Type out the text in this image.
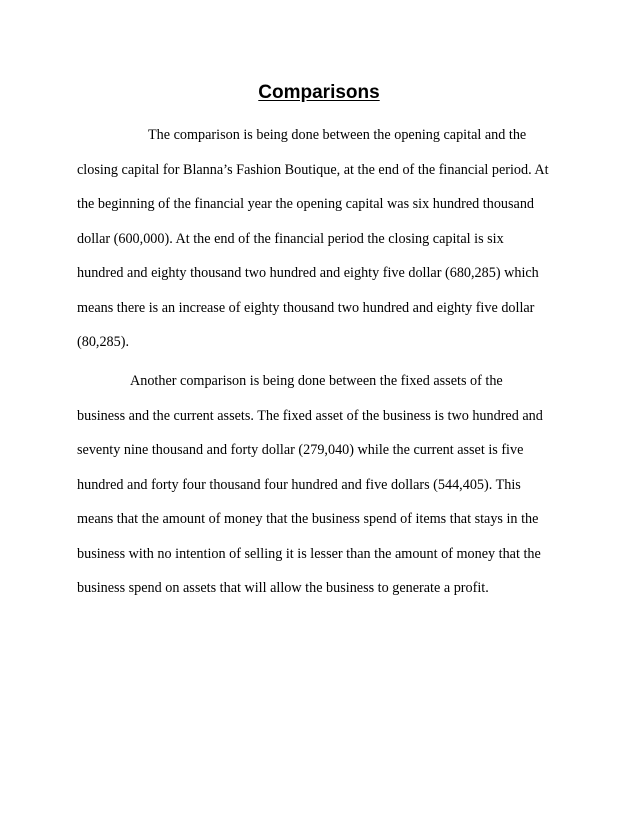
Comparisons

The comparison is being done between the opening capital and the
closing capital for Blanna’s Fashion Boutique, at the end of the financial period. At
the beginning of the financial year the opening capital was six hundred thousand
dollar (600,000). At the end of the financial period the closing capital is six
hundred and eighty thousand two hundred and eighty five dollar (680,285) which
means there is an increase of eighty thousand two hundred and eighty five dollar
(80,285).

Another comparison is being done between the fixed assets of the
business and the current assets. The fixed asset of the business is two hundred and
seventy nine thousand and forty dollar (279,040) while the current asset is five
hundred and forty four thousand four hundred and five dollars (544,405). This
means that the amount of money that the business spend of items that stays in the
business with no intention of selling it is lesser than the amount of money that the
business spend on assets that will allow the business to generate a profit.
